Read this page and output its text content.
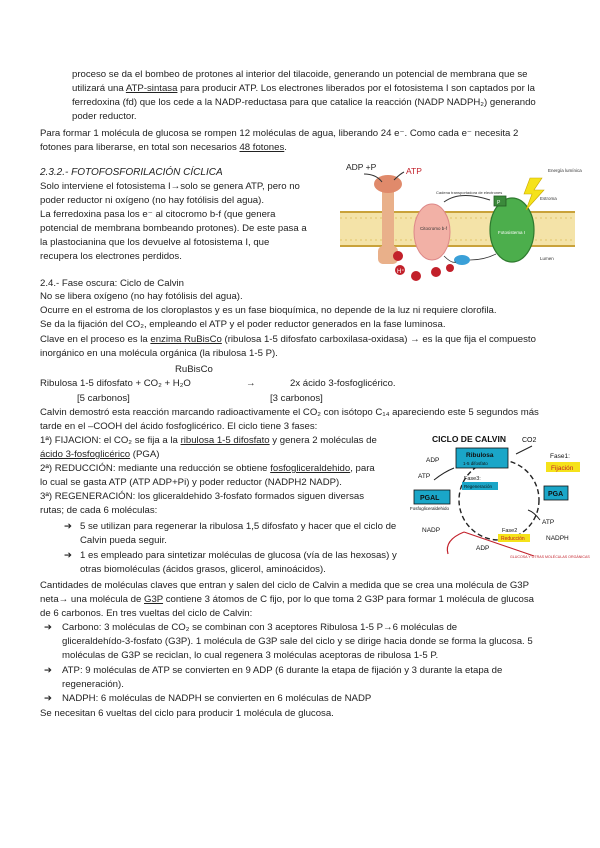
proceso se da el bombeo de protones al interior del tilacoide, generando un potencial de membrana que se

utilizará una ATP-sintasa para producir ATP. Los electrones liberados por el fotosistema I son captados por la

ferredoxina (fd) que los cede a la NADP-reductasa para que catalice la reacción (NADP NADPH₂) generando

poder reductor.

Para formar 1 molécula de glucosa se rompen 12 moléculas de agua, liberando 24 e⁻. Como cada e⁻ necesita 2

fotones para liberarse, en total son necesarios 48 fotones.

2.3.2.- FOTOFOSFORILACIÓN CÍCLICA

Solo interviene el fotosistema I→solo se genera ATP, pero no

poder reductor ni oxígeno (no hay fotólisis del agua).

La ferredoxina pasa los e⁻ al citocromo b-f (que genera

potencial de membrana bombeando protones). De este pasa a

la plastocianina que los devuelve al fotosistema I, que

recupera los electrones perdidos.

ADP +P	ATP
Citocromo b-f
P
Fotosistema I
Energía lumínica
Estroma
Lumen
Cadena transportadora de electrones
H⁺

2.4.- Fase oscura: Ciclo de Calvin

No se libera oxígeno (no hay fotólisis del agua).

Ocurre en el estroma de los cloroplastos y es un fase bioquímica, no depende de la luz ni requiere clorofila.

Se da la fijación del CO₂, empleando el ATP y el poder reductor generados en la fase luminosa.

Clave en el proceso es la enzima RuBisCo (ribulosa 1-5 difosfato carboxilasa-oxidasa) → es la que fija el compuesto

inorgánico en una molécula orgánica (la ribulosa 1-5 P).

RuBisCo

Ribulosa 1-5 difosfato + CO₂ + H₂O	→	2x ácido 3-fosfoglicérico.

[5 carbonos]	[3 carbonos]

Calvin demostró esta reacción marcando radioactivamente el CO₂ con isótopo C₁₄ apareciendo este 5 segundos más

tarde en el –COOH del ácido fosfoglicérico. El ciclo tiene 3 fases:

1ª) FIJACION: el CO₂ se fija a la ribulosa 1-5 difosfato y genera 2 moléculas de

ácido 3-fosfoglicérico (PGA)

2ª) REDUCCIÓN: mediante una reducción se obtiene fosfogliceraldehido, para

lo cual se gasta ATP (ATP ADP+Pi) y poder reductor (NADPH2 NADP).

3ª) REGENERACIÓN: los gliceraldehido 3-fosfato formados siguen diversas

rutas; de cada 6 moléculas:

➔ 5 se utilizan para regenerar la ribulosa 1,5 difosfato y hacer que el ciclo de

Calvin pueda seguir.

➔ 1 es empleado para sintetizar moléculas de glucosa (vía de las hexosas) y

otras biomoléculas (ácidos grasos, glicerol, aminoácidos).

CICLO DE CALVIN CO2
Ribulosa
1-5 difosfato
Fase1:
Fijación
Fase3:
Regeneración
PGA
PGAL
Fosfogliceraldehido
Fase2
Reducción
ATP
ADP
ATP
ADP
NADPH
NADP
GLUCOSA Y OTRAS MOLÉCULAS ORGÁNICAS

Cantidades de moléculas claves que entran y salen del ciclo de Calvin a medida que se crea una molécula de G3P

neta→ una molécula de G3P contiene 3 átomos de C fijo, por lo que toma 2 G3P para formar 1 molécula de glucosa

de 6 carbonos. En tres vueltas del ciclo de Calvin:

➔ Carbono: 3 moléculas de CO₂ se combinan con 3 aceptores Ribulosa 1-5 P→6 moléculas de

gliceraldehído-3-fosfato (G3P). 1 molécula de G3P sale del ciclo y se dirige hacia donde se forma la glucosa. 5

moléculas de G3P se reciclan, lo cual regenera 3 moléculas aceptoras de ribulosa 1-5 P.

➔ ATP: 9 moléculas de ATP se convierten en 9 ADP (6 durante la etapa de fijación y 3 durante la etapa de

regeneración).

➔ NADPH: 6 moléculas de NADPH se convierten en 6 moléculas de NADP

Se necesitan 6 vueltas del ciclo para producir 1 molécula de glucosa.
